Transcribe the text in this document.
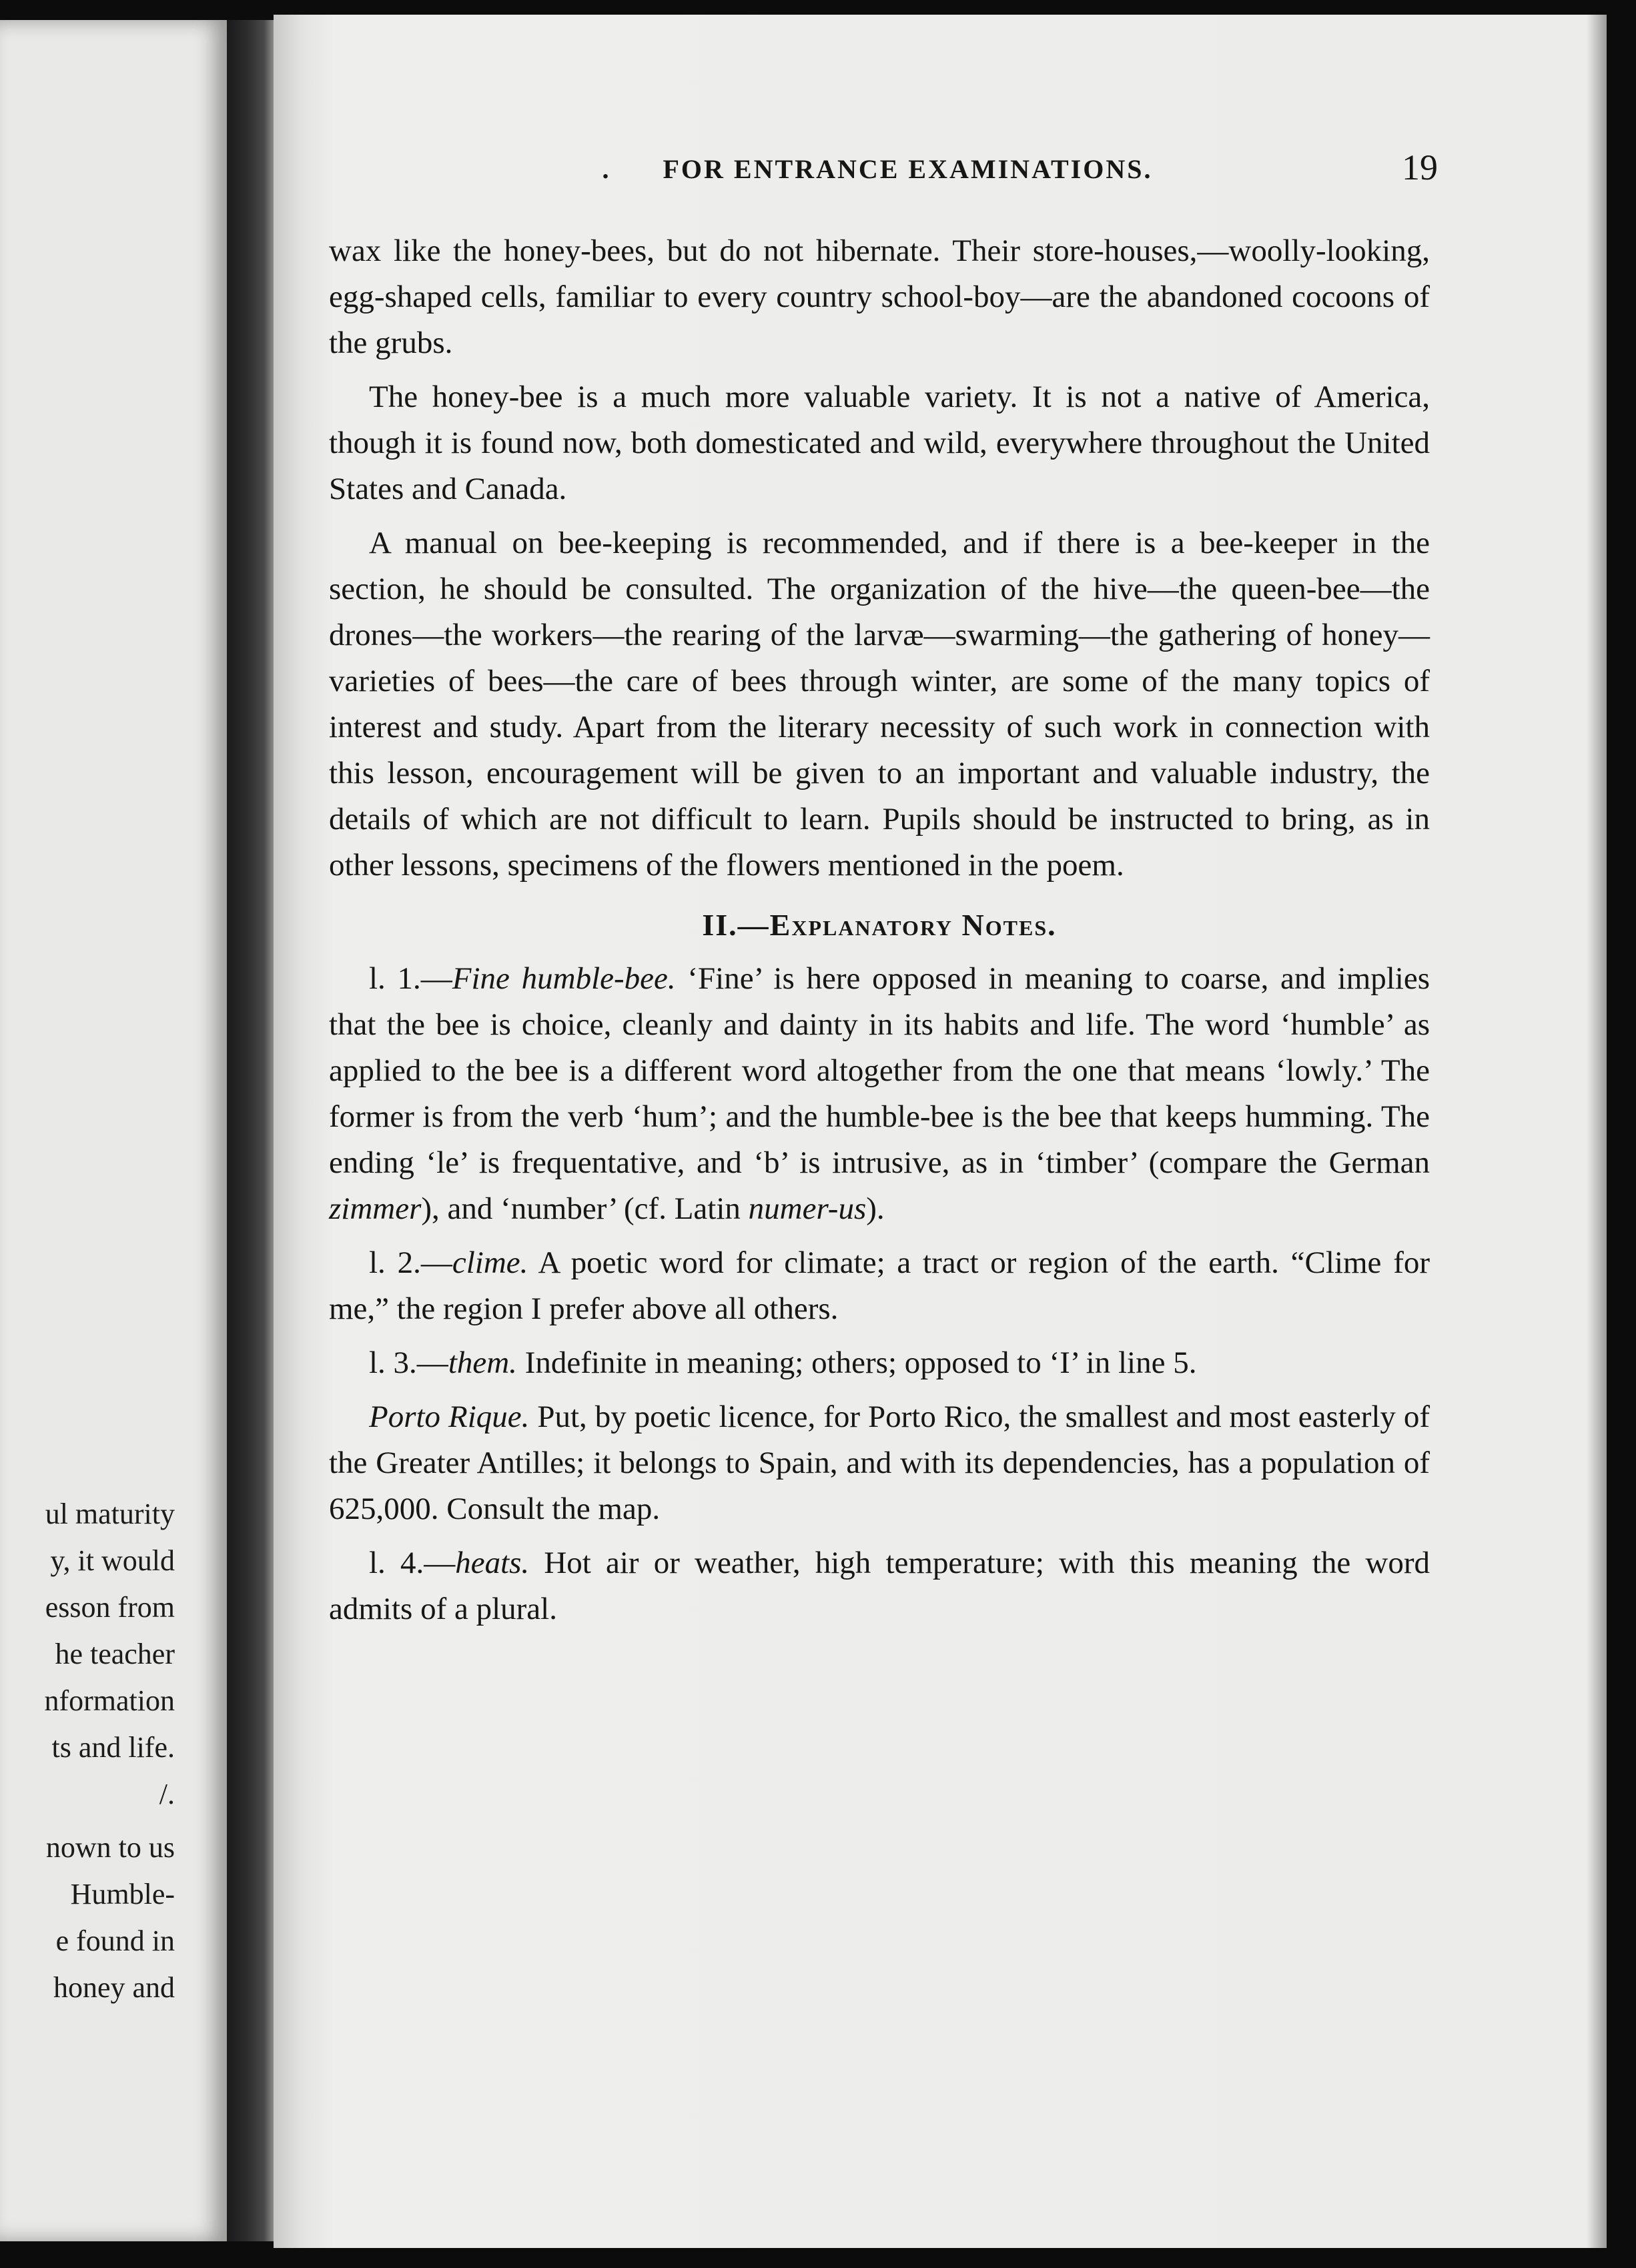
ul maturity
y, it would
esson from
he teacher
nformation
ts and life.
/.
nown to us
Humble-
e found in
honey and
. FOR ENTRANCE EXAMINATIONS.	19

wax like the honey-bees, but do not hibernate. Their store-houses,—woolly-looking, egg-shaped cells, familiar to every country school-boy—are the abandoned cocoons of the grubs.

The honey-bee is a much more valuable variety. It is not a native of America, though it is found now, both domesticated and wild, everywhere throughout the United States and Canada.

A manual on bee-keeping is recommended, and if there is a bee-keeper in the section, he should be consulted. The organization of the hive—the queen-bee—the drones—the workers—the rearing of the larvæ—swarming—the gathering of honey—varieties of bees—the care of bees through winter, are some of the many topics of interest and study. Apart from the literary necessity of such work in connection with this lesson, encouragement will be given to an important and valuable industry, the details of which are not difficult to learn. Pupils should be instructed to bring, as in other lessons, specimens of the flowers mentioned in the poem.

II.—Explanatory Notes.

l. 1.—Fine humble-bee. ‘Fine’ is here opposed in meaning to coarse, and implies that the bee is choice, cleanly and dainty in its habits and life. The word ‘humble’ as applied to the bee is a different word altogether from the one that means ‘lowly.’ The former is from the verb ‘hum’; and the humble-bee is the bee that keeps humming. The ending ‘le’ is frequentative, and ‘b’ is intrusive, as in ‘timber’ (compare the German zimmer), and ‘number’ (cf. Latin numer-us).

l. 2.—clime. A poetic word for climate; a tract or region of the earth. “Clime for me,” the region I prefer above all others.

l. 3.—them. Indefinite in meaning; others; opposed to ‘I’ in line 5.

Porto Rique. Put, by poetic licence, for Porto Rico, the smallest and most easterly of the Greater Antilles; it belongs to Spain, and with its dependencies, has a population of 625,000. Consult the map.

l. 4.—heats. Hot air or weather, high temperature; with this meaning the word admits of a plural.
